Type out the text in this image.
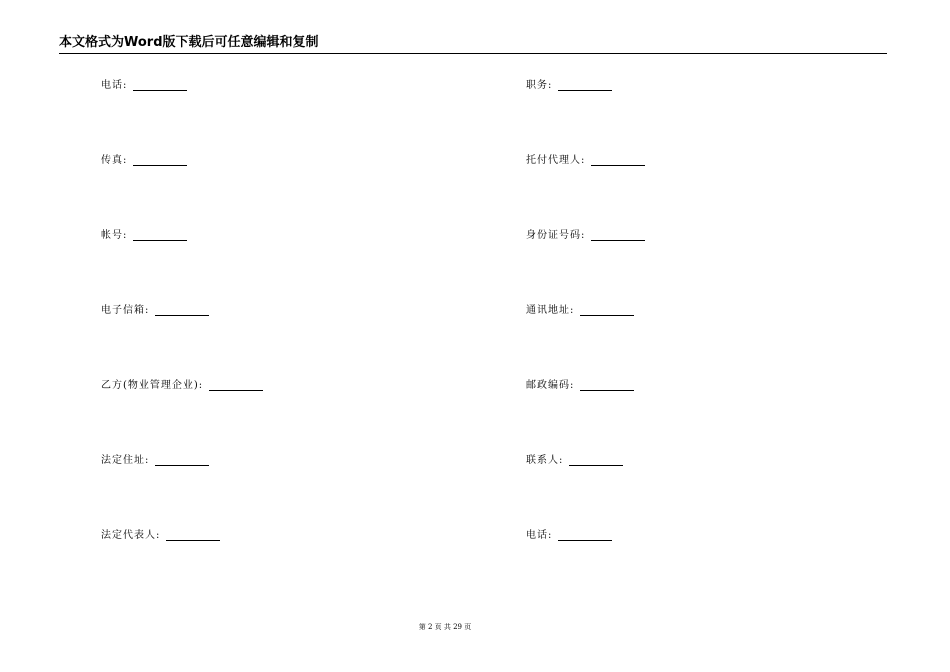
本文格式为Word版下载后可任意编辑和复制
电话:
传真:
帐号:
电子信箱:
乙方(物业管理企业):
法定住址:
法定代表人:
职务:
托付代理人:
身份证号码:
通讯地址:
邮政编码:
联系人:
电话:
第 2 页 共 29 页
